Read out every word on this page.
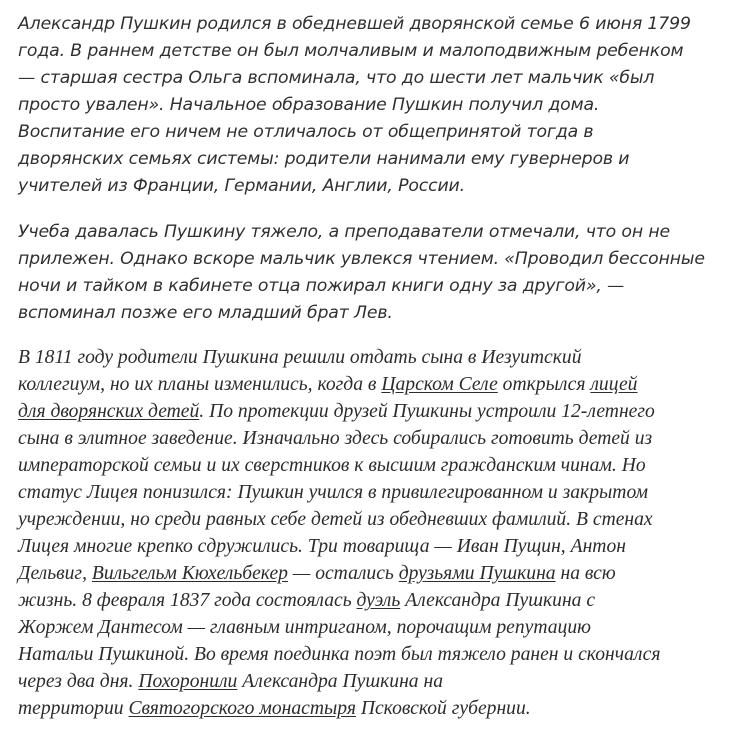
Александр Пушкин родился в обедневшей дворянской семье 6 июня 1799
года. В раннем детстве он был молчаливым и малоподвижным ребенком
— старшая сестра Ольга вспоминала, что до шести лет мальчик «был
просто увален». Начальное образование Пушкин получил дома.
Воспитание его ничем не отличалось от общепринятой тогда в
дворянских семьях системы: родители нанимали ему гувернеров и
учителей из Франции, Германии, Англии, России.
Учеба давалась Пушкину тяжело, а преподаватели отмечали, что он не
прилежен. Однако вскоре мальчик увлекся чтением. «Проводил бессонные
ночи и тайком в кабинете отца пожирал книги одну за другой», —
вспоминал позже его младший брат Лев.
В 1811 году родители Пушкина решили отдать сына в Иезуитский
коллегиум, но их планы изменились, когда в Царском Селе открылся лицей
для дворянских детей. По протекции друзей Пушкины устроили 12-летнего
сына в элитное заведение. Изначально здесь собирались готовить детей из
императорской семьи и их сверстников к высшим гражданским чинам. Но
статус Лицея понизился: Пушкин учился в привилегированном и закрытом
учреждении, но среди равных себе детей из обедневших фамилий. В стенах
Лицея многие крепко сдружились. Три товарища — Иван Пущин, Антон
Дельвиг, Вильгельм Кюхельбекер — остались друзьями Пушкина на всю
жизнь. 8 февраля 1837 года состоялась дуэль Александра Пушкина с
Жоржем Дантесом — главным интриганом, порочащим репутацию
Натальи Пушкиной. Во время поединка поэт был тяжело ранен и скончался
через два дня. Похоронили Александра Пушкина на
территории Святогорского монастыря Псковской губернии.
